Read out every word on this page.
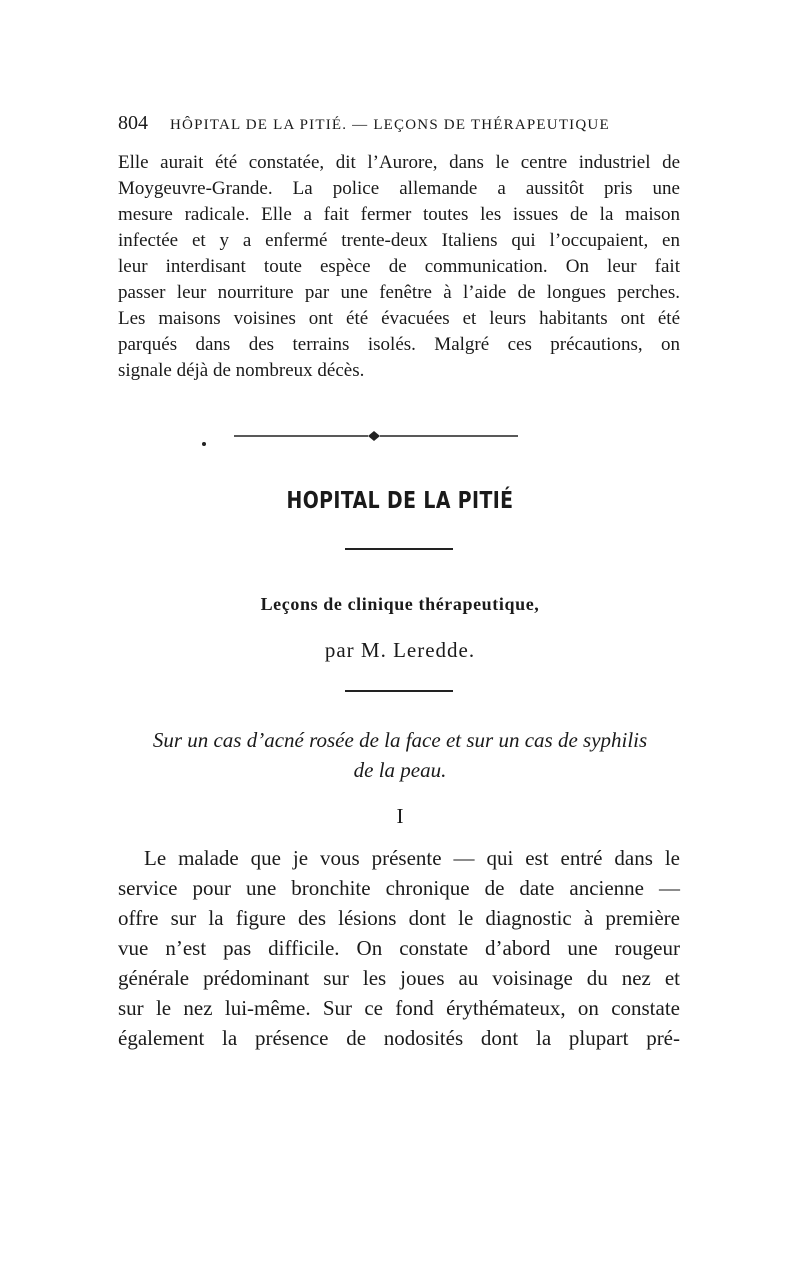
804 HÔPITAL DE LA PITIÉ. — LEÇONS DE THÉRAPEUTIQUE
Elle aurait été constatée, dit l’Aurore, dans le centre industriel de
Moygeuvre-Grande. La police allemande a aussitôt pris une
mesure radicale. Elle a fait fermer toutes les issues de la maison
infectée et y a enfermé trente-deux Italiens qui l’occupaient, en
leur interdisant toute espèce de communication. On leur fait
passer leur nourriture par une fenêtre à l’aide de longues perches.
Les maisons voisines ont été évacuées et leurs habitants ont été
parqués dans des terrains isolés. Malgré ces précautions, on
signale déjà de nombreux décès.
HOPITAL DE LA PITIÉ
Leçons de clinique thérapeutique,
par M. Leredde.
Sur un cas d’acné rosée de la face et sur un cas de syphilis
de la peau.
I
Le malade que je vous présente — qui est entré dans le
service pour une bronchite chronique de date ancienne —
offre sur la figure des lésions dont le diagnostic à première
vue n’est pas difficile. On constate d’abord une rougeur
générale prédominant sur les joues au voisinage du nez et
sur le nez lui-même. Sur ce fond érythémateux, on constate
également la présence de nodosités dont la plupart pré-
